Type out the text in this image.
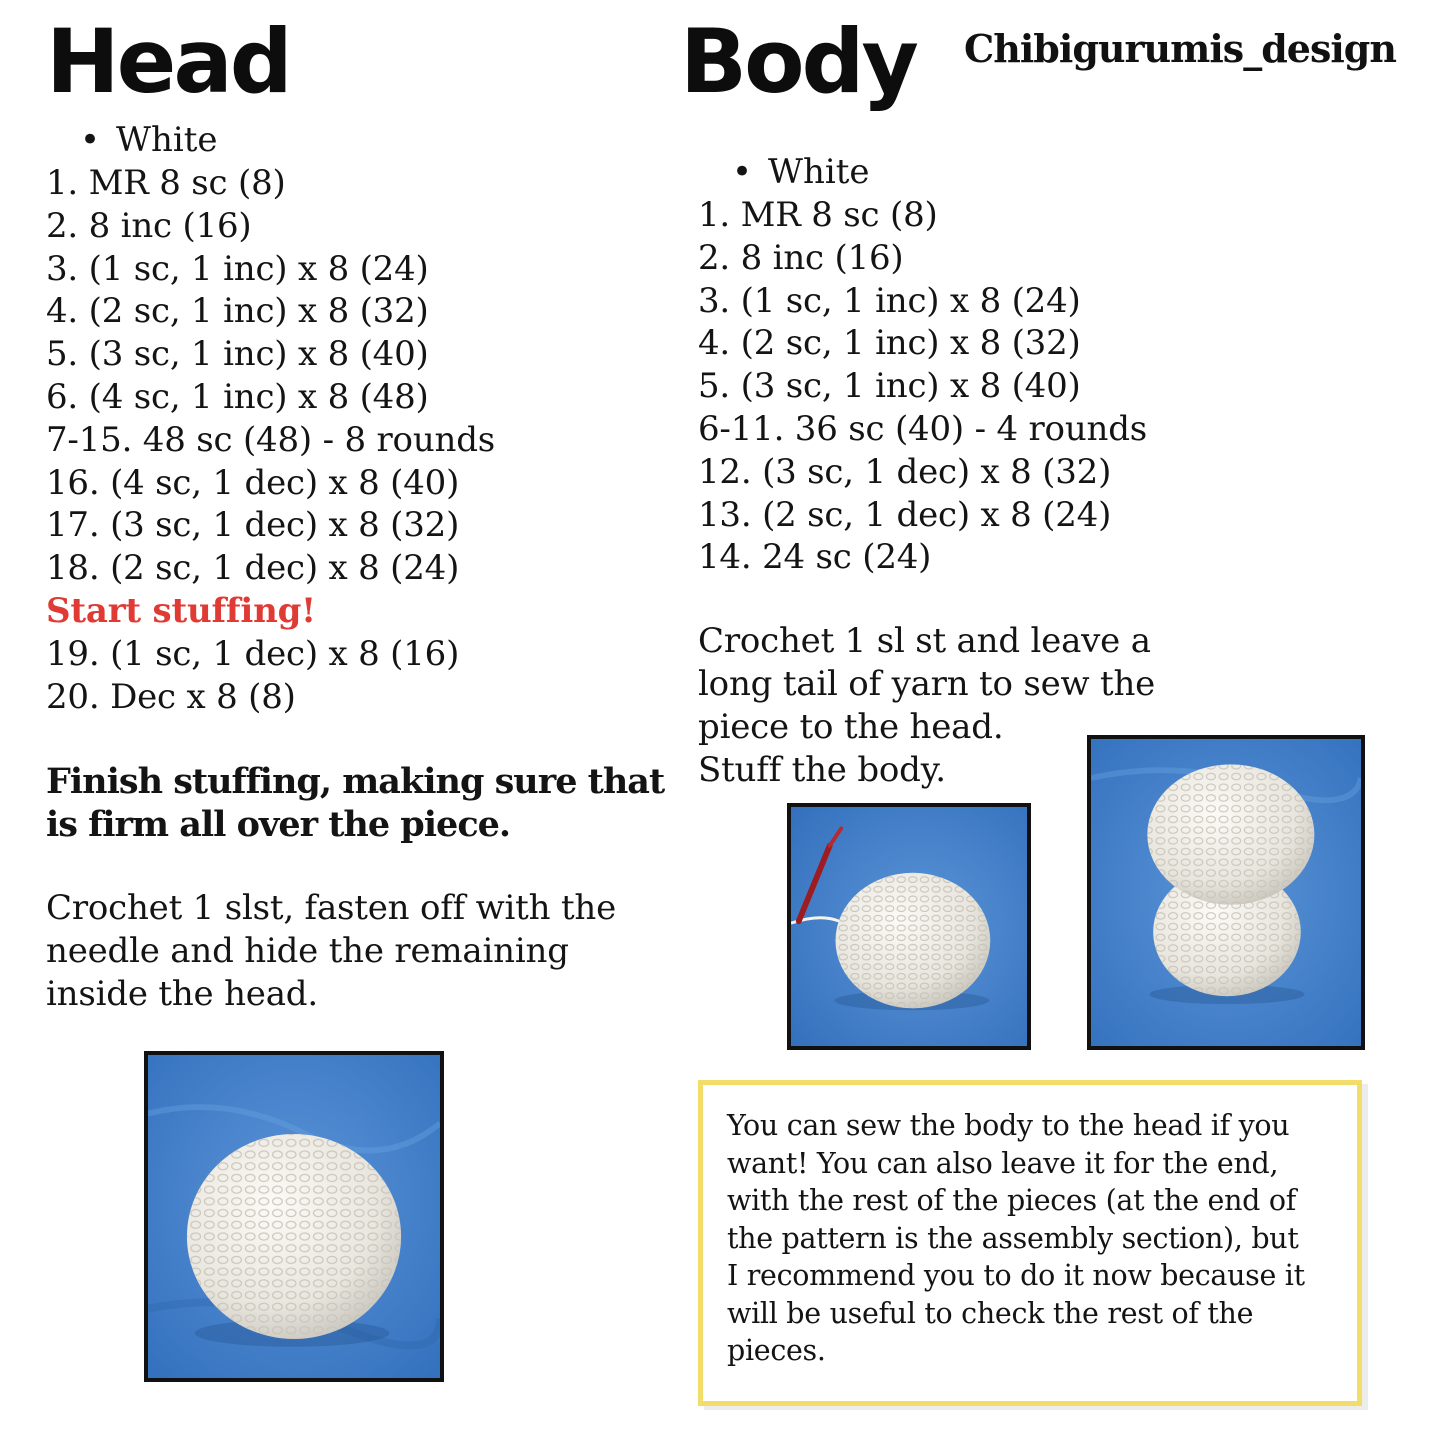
Chibigurumis_design
Head
• White
1. MR 8 sc (8)
2. 8 inc (16)
3. (1 sc, 1 inc) x 8 (24)
4. (2 sc, 1 inc) x 8 (32)
5. (3 sc, 1 inc) x 8 (40)
6. (4 sc, 1 inc) x 8 (48)
7-15. 48 sc (48) - 8 rounds
16. (4 sc, 1 dec) x 8 (40)
17. (3 sc, 1 dec) x 8 (32)
18. (2 sc, 1 dec) x 8 (24)
Start stuffing!
19. (1 sc, 1 dec) x 8 (16)
20. Dec x 8 (8)
Finish stuffing, making sure that
is firm all over the piece.
Crochet 1 slst, fasten off with the
needle and hide the remaining
inside the head.
Body
• White
1. MR 8 sc (8)
2. 8 inc (16)
3. (1 sc, 1 inc) x 8 (24)
4. (2 sc, 1 inc) x 8 (32)
5. (3 sc, 1 inc) x 8 (40)
6-11. 36 sc (40) - 4 rounds
12. (3 sc, 1 dec) x 8 (32)
13. (2 sc, 1 dec) x 8 (24)
14. 24 sc (24)
Crochet 1 sl st and leave a
long tail of yarn to sew the
piece to the head.
Stuff the body.
You can sew the body to the head if you
want! You can also leave it for the end,
with the rest of the pieces (at the end of
the pattern is the assembly section), but
I recommend you to do it now because it
will be useful to check the rest of the
pieces.
